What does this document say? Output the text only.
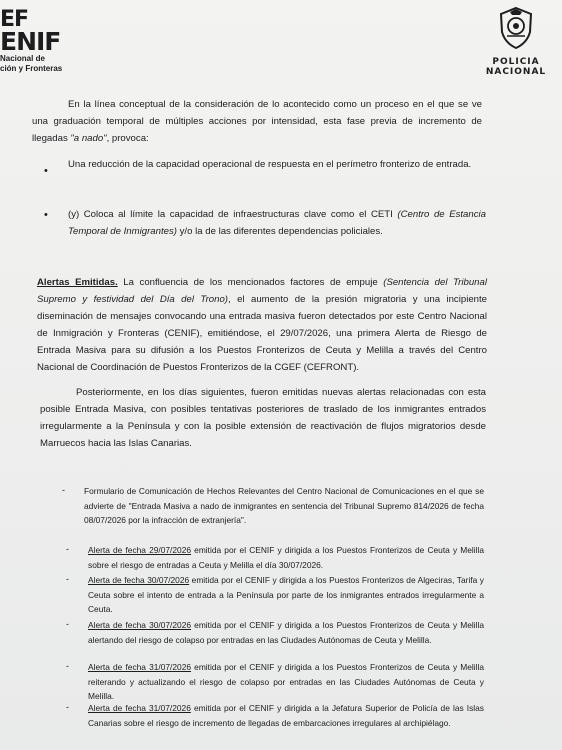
EF
ENIF
Nacional de
ción y Fronteras
POLICIA
NACIONAL
En la línea conceptual de la consideración de lo acontecido como un proceso en el que se ve una graduación temporal de múltiples acciones por intensidad, esta fase previa de incremento de llegadas "a nado", provoca:
•
Una reducción de la capacidad operacional de respuesta en el perímetro fronterizo de entrada.
• (y) Coloca al límite la capacidad de infraestructuras clave como el CETI (Centro de Estancia Temporal de Inmigrantes) y/o la de las diferentes dependencias policiales.
Alertas Emitidas. La confluencia de los mencionados factores de empuje (Sentencia del Tribunal Supremo y festividad del Día del Trono), el aumento de la presión migratoria y una incipiente diseminación de mensajes convocando una entrada masiva fueron detectados por este Centro Nacional de Inmigración y Fronteras (CENIF), emitiéndose, el 29/07/2026, una primera Alerta de Riesgo de Entrada Masiva para su difusión a los Puestos Fronterizos de Ceuta y Melilla a través del Centro Nacional de Coordinación de Puestos Fronterizos de la CGEF (CEFRONT).
Posteriormente, en los días siguientes, fueron emitidas nuevas alertas relacionadas con esta posible Entrada Masiva, con posibles tentativas posteriores de traslado de los inmigrantes entrados irregularmente a la Península y con la posible extensión de reactivación de flujos migratorios desde Marruecos hacia las Islas Canarias.
- Formulario de Comunicación de Hechos Relevantes del Centro Nacional de Comunicaciones en el que se advierte de "Entrada Masiva a nado de inmigrantes en sentencia del Tribunal Supremo 814/2026 de fecha 08/07/2026 por la infracción de extranjería".
- Alerta de fecha 29/07/2026 emitida por el CENIF y dirigida a los Puestos Fronterizos de Ceuta y Melilla sobre el riesgo de entradas a Ceuta y Melilla el día 30/07/2026.
- Alerta de fecha 30/07/2026 emitida por el CENIF y dirigida a los Puestos Fronterizos de Algeciras, Tarifa y Ceuta sobre el intento de entrada a la Península por parte de los inmigrantes entrados irregularmente a Ceuta.
- Alerta de fecha 30/07/2026 emitida por el CENIF y dirigida a los Puestos Fronterizos de Ceuta y Melilla alertando del riesgo de colapso por entradas en las Ciudades Autónomas de Ceuta y Melilla.
- Alerta de fecha 31/07/2026 emitida por el CENIF y dirigida a los Puestos Fronterizos de Ceuta y Melilla reiterando y actualizando el riesgo de colapso por entradas en las Ciudades Autónomas de Ceuta y Melilla.
- Alerta de fecha 31/07/2026 emitida por el CENIF y dirigida a la Jefatura Superior de Policía de las Islas Canarias sobre el riesgo de incremento de llegadas de embarcaciones irregulares al archipiélago.
